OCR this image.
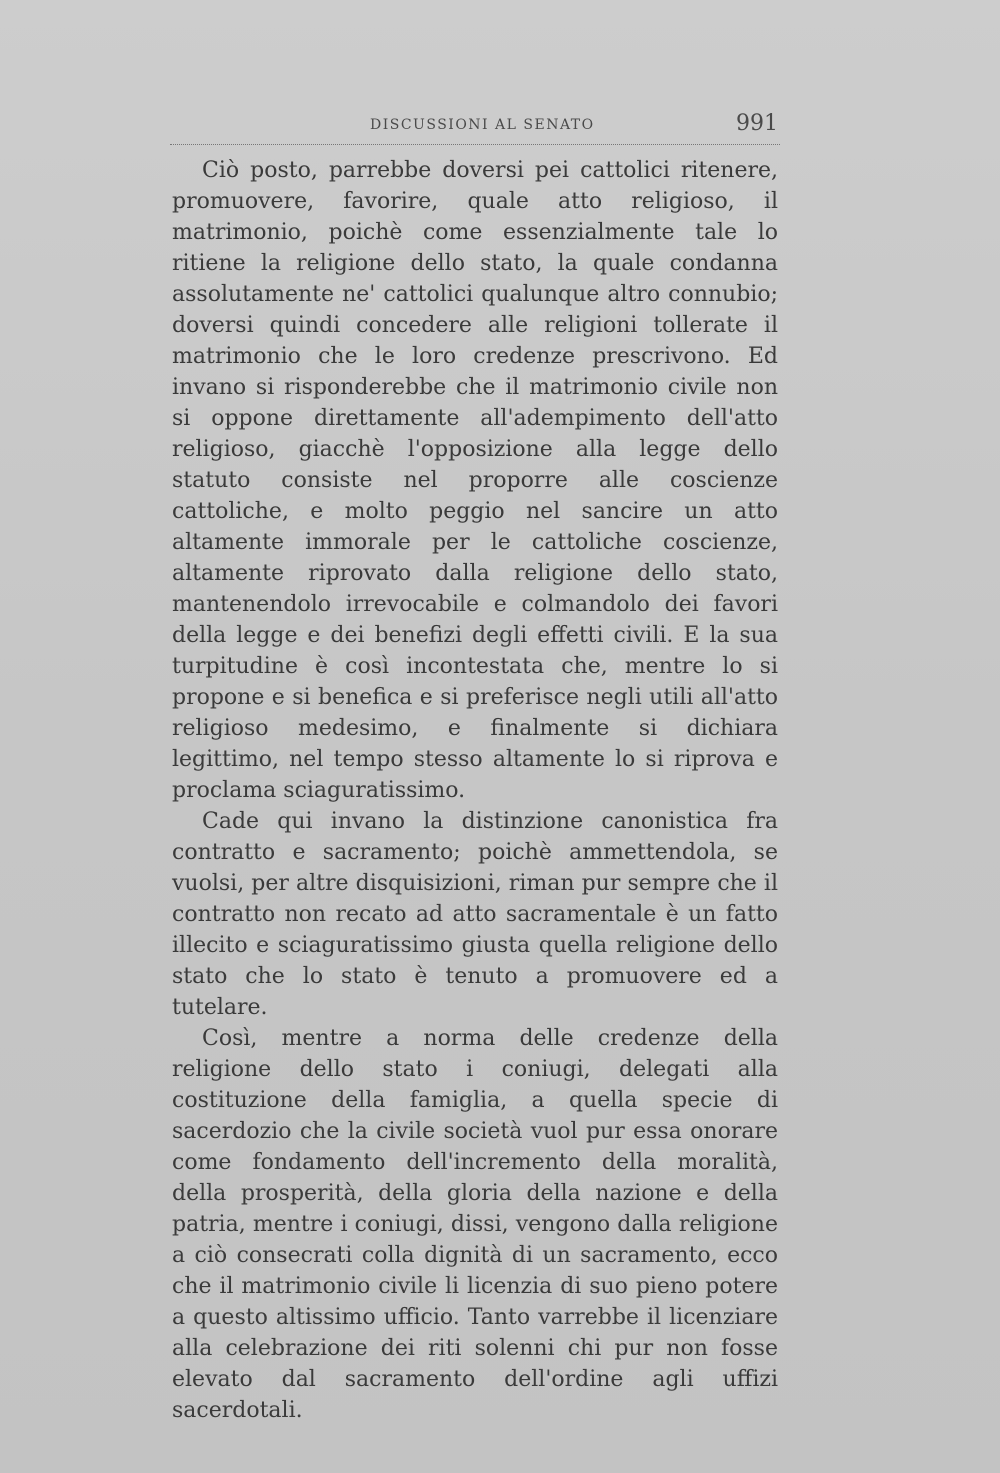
DISCUSSIONI AL SENATO	991

Ciò posto, parrebbe doversi pei cattolici ritenere, promuovere, favorire, quale atto religioso, il matrimonio, poichè come essenzialmente tale lo ritiene la religione dello stato, la quale condanna assolutamente ne' cattolici qualunque altro connubio; doversi quindi concedere alle religioni tollerate il matrimonio che le loro credenze prescrivono. Ed invano si risponderebbe che il matrimonio civile non si oppone direttamente all'adempimento dell'atto religioso, giacchè l'opposizione alla legge dello statuto consiste nel proporre alle coscienze cattoliche, e molto peggio nel sancire un atto altamente immorale per le cattoliche coscienze, altamente riprovato dalla religione dello stato, mantenendolo irrevocabile e colmandolo dei favori della legge e dei benefizi degli effetti civili. E la sua turpitudine è così incontestata che, mentre lo si propone e si benefica e si preferisce negli utili all'atto religioso medesimo, e finalmente si dichiara legittimo, nel tempo stesso altamente lo si riprova e proclama sciaguratissimo.

Cade qui invano la distinzione canonistica fra contratto e sacramento; poichè ammettendola, se vuolsi, per altre disquisizioni, riman pur sempre che il contratto non recato ad atto sacramentale è un fatto illecito e sciaguratissimo giusta quella religione dello stato che lo stato è tenuto a promuovere ed a tutelare.

Così, mentre a norma delle credenze della religione dello stato i coniugi, delegati alla costituzione della famiglia, a quella specie di sacerdozio che la civile società vuol pur essa onorare come fondamento dell'incremento della moralità, della prosperità, della gloria della nazione e della patria, mentre i coniugi, dissi, vengono dalla religione a ciò consecrati colla dignità di un sacramento, ecco che il matrimonio civile li licenzia di suo pieno potere a questo altissimo ufficio. Tanto varrebbe il licenziare alla celebrazione dei riti solenni chi pur non fosse elevato dal sacramento dell'ordine agli uffizi sacerdotali.
